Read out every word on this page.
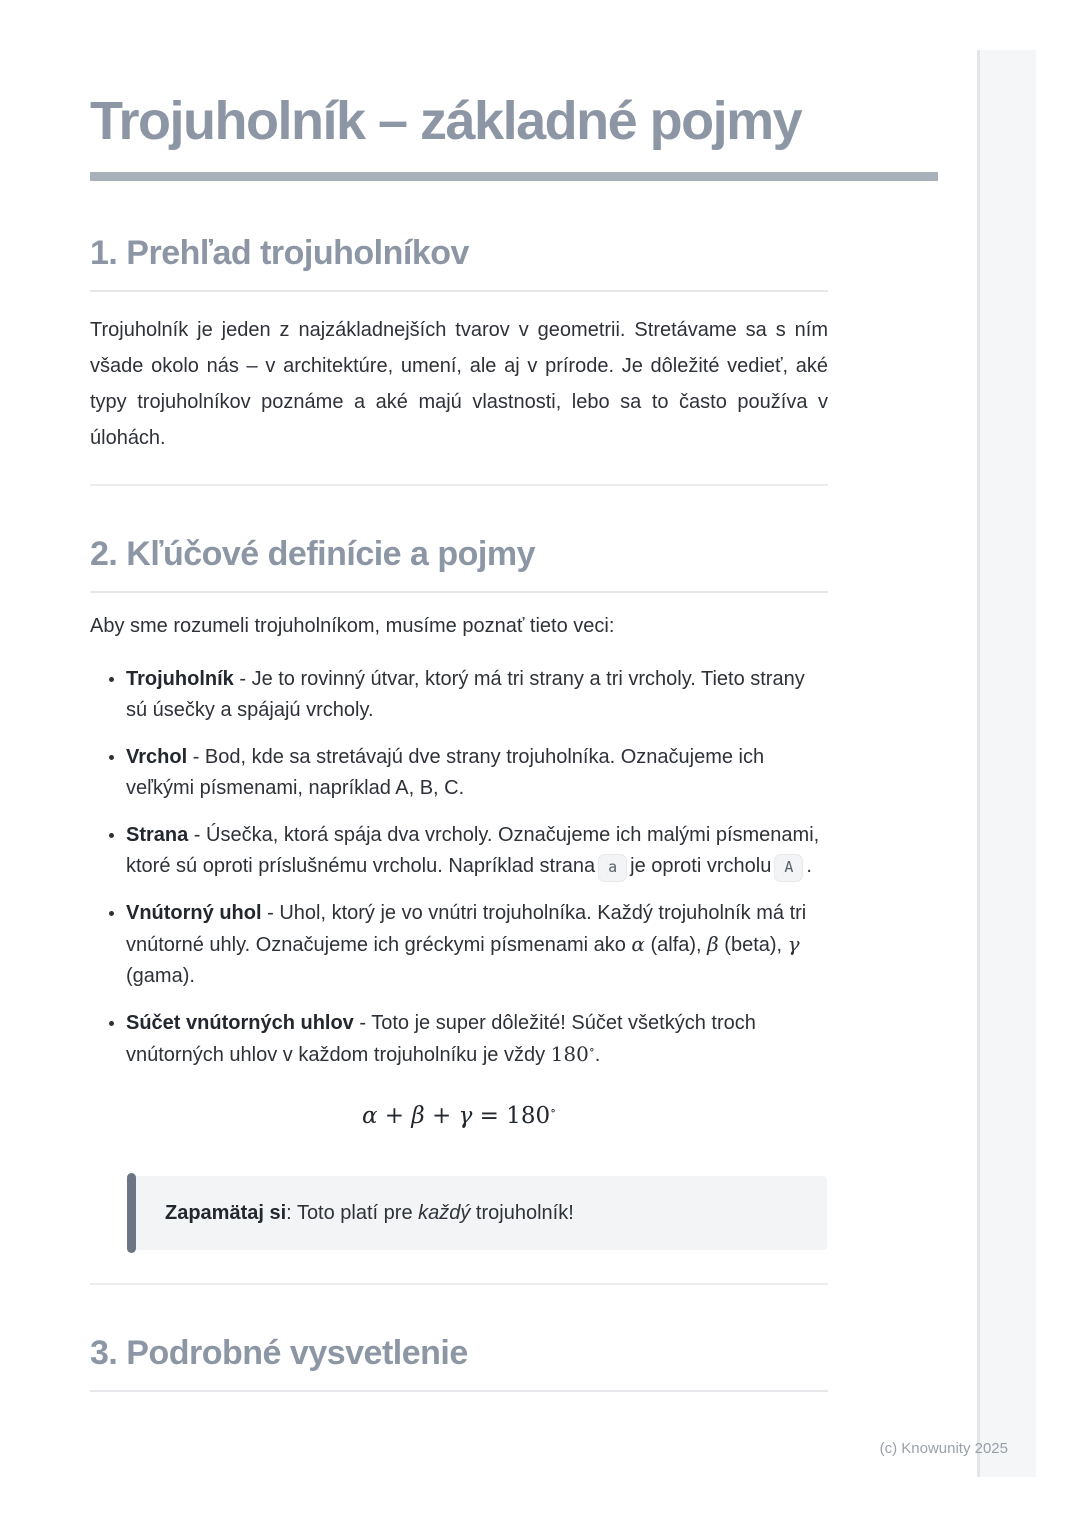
Trojuholník – základné pojmy
1. Prehľad trojuholníkov

Trojuholník je jeden z najzákladnejších tvarov v geometrii. Stretávame sa s ním všade okolo nás – v architektúre, umení, ale aj v prírode. Je dôležité vedieť, aké typy trojuholníkov poznáme a aké majú vlastnosti, lebo sa to často používa v úlohách.

2. Kľúčové definície a pojmy

Aby sme rozumeli trojuholníkom, musíme poznať tieto veci:

• Trojuholník - Je to rovinný útvar, ktorý má tri strany a tri vrcholy. Tieto strany sú úsečky a spájajú vrcholy.
• Vrchol - Bod, kde sa stretávajú dve strany trojuholníka. Označujeme ich veľkými písmenami, napríklad A, B, C.
• Strana - Úsečka, ktorá spája dva vrcholy. Označujeme ich malými písmenami, ktoré sú oproti príslušnému vrcholu. Napríklad strana a je oproti vrcholu A .
• Vnútorný uhol - Uhol, ktorý je vo vnútri trojuholníka. Každý trojuholník má tri vnútorné uhly. Označujeme ich gréckymi písmenami ako α (alfa), β (beta), γ (gama).
• Súčet vnútorných uhlov - Toto je super dôležité! Súčet všetkých troch vnútorných uhlov v každom trojuholníku je vždy 180∘.
α + β + γ = 180∘
Zapamätaj si: Toto platí pre každý trojuholník!
3. Podrobné vysvetlenie
(c) Knowunity 2025
